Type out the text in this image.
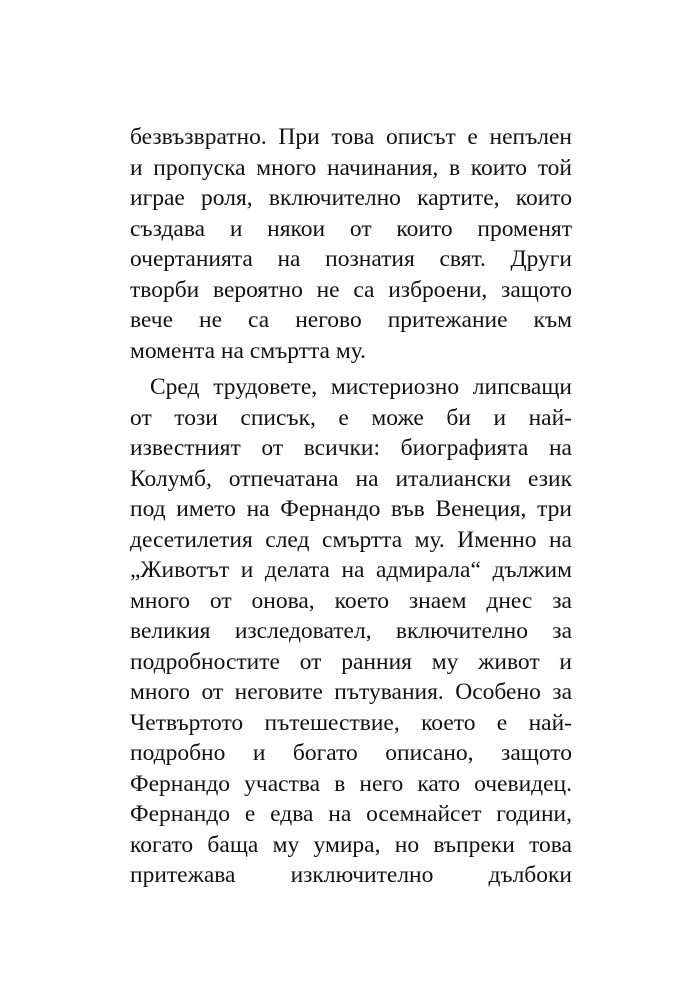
безвъзвратно. При това описът е непълен
и пропуска много начинания, в които той
играе роля, включително картите, които
създава и някои от които променят
очертанията на познатия свят. Други
творби вероятно не са изброени, защото
вече не са негово притежание към
момента на смъртта му.
Сред трудовете, мистериозно липсващи
от този списък, е може би и най-
известният от всички: биографията на
Колумб, отпечатана на италиански език
под името на Фернандо във Венеция, три
десетилетия след смъртта му. Именно на
„Животът и делата на адмирала“ дължим
много от онова, което знаем днес за
великия изследовател, включително за
подробностите от ранния му живот и
много от неговите пътувания. Особено за
Четвъртото пътешествие, което е най-
подробно и богато описано, защото
Фернандо участва в него като очевидец.
Фернандо е едва на осемнайсет години,
когато баща му умира, но въпреки това
притежава изключително дълбоки
